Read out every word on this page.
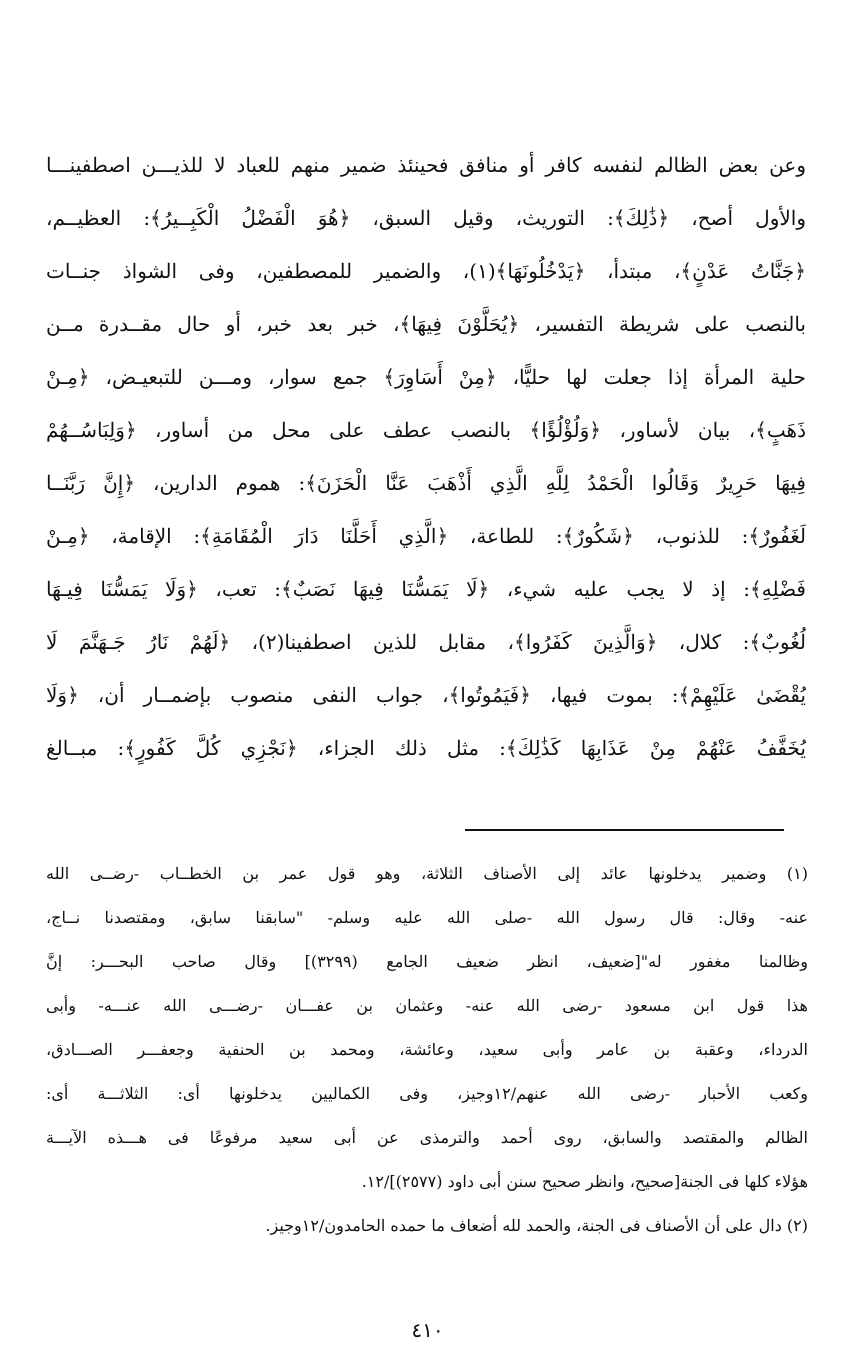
وعن بعض الظالم لنفسه كافر أو منافق فحينئذ ضمير منهم للعباد لا للذيـــن اصطفينـــا
والأول أصح، ﴿ذَٰلِكَ﴾: التوريث، وقيل السبق، ﴿هُوَ الْفَضْلُ الْكَبِــيرُ﴾: العظيــم،
﴿جَنَّاتُ عَدْنٍ﴾، مبتدأ، ﴿يَدْخُلُونَهَا﴾(١)، والضمير للمصطفين، وفى الشواذ جنــات
بالنصب على شريطة التفسير، ﴿يُحَلَّوْنَ فِيهَا﴾، خبر بعد خبر، أو حال مقــدرة مــن
حلية المرأة إذا جعلت لها حليًّا، ﴿مِنْ أَسَاوِرَ﴾ جمع سوار، ومـــن للتبعيـض، ﴿مِـنْ
ذَهَبٍ﴾، بيان لأساور، ﴿وَلُؤْلُؤًا﴾ بالنصب عطف على محل من أساور، ﴿وَلِبَاسُــهُمْ
فِيهَا حَرِيرٌ وَقَالُوا الْحَمْدُ لِلَّهِ الَّذِي أَذْهَبَ عَنَّا الْحَزَنَ﴾: هموم الدارين، ﴿إِنَّ رَبَّنَــا
لَغَفُورٌ﴾: للذنوب، ﴿شَكُورٌ﴾: للطاعة، ﴿الَّذِي أَحَلَّنَا دَارَ الْمُقَامَةِ﴾: الإقامة، ﴿مِـنْ
فَضْلِهِ﴾: إذ لا يجب عليه شيء، ﴿لَا يَمَسُّنَا فِيهَا نَصَبٌ﴾: تعب، ﴿وَلَا يَمَسُّنَا فِيـهَا
لُغُوبٌ﴾: كلال، ﴿وَالَّذِينَ كَفَرُوا﴾، مقابل للذين اصطفينا(٢)، ﴿لَهُمْ نَارُ جَـهَنَّمَ لَا
يُقْضَىٰ عَلَيْهِمْ﴾: بموت فيها، ﴿فَيَمُوتُوا﴾، جواب النفى منصوب بإضمــار أن، ﴿وَلَا
يُخَفَّفُ عَنْهُمْ مِنْ عَذَابِهَا كَذَٰلِكَ﴾: مثل ذلك الجزاء، ﴿نَجْزِي كُلَّ كَفُورٍ﴾: مبــالغ
(١) وضمير يدخلونها عائد إلى الأصناف الثلاثة، وهو قول عمر بن الخطــاب -رضــى الله
عنه- وقال: قال رسول الله -صلى الله عليه وسلم- "سابقنا سابق، ومقتصدنا نــاج،
وظالمنا مغفور له"[ضعيف، انظر ضعيف الجامع (٣٢٩٩)] وقال صاحب البحـــر: إنَّ
هذا قول ابن مسعود -رضى الله عنه- وعثمان بن عفـــان -رضـــى الله عنـــه- وأبى
الدرداء، وعقبة بن عامر وأبى سعيد، وعائشة، ومحمد بن الحنفية وجعفـــر الصـــادق،
وكعب الأحبار -رضى الله عنهم/١٢وجيز، وفى الكماليين يدخلونها أى: الثلاثـــة أى:
الظالم والمقتصد والسابق، روى أحمد والترمذى عن أبى سعيد مرفوعًا فى هـــذه الآيـــة
هؤلاء كلها فى الجنة[صحيح، وانظر صحيح سنن أبى داود (٢٥٧٧)]/١٢.
(٢) دال على أن الأصناف فى الجنة، والحمد لله أضعاف ما حمده الحامدون/١٢وجيز.
٤١٠
